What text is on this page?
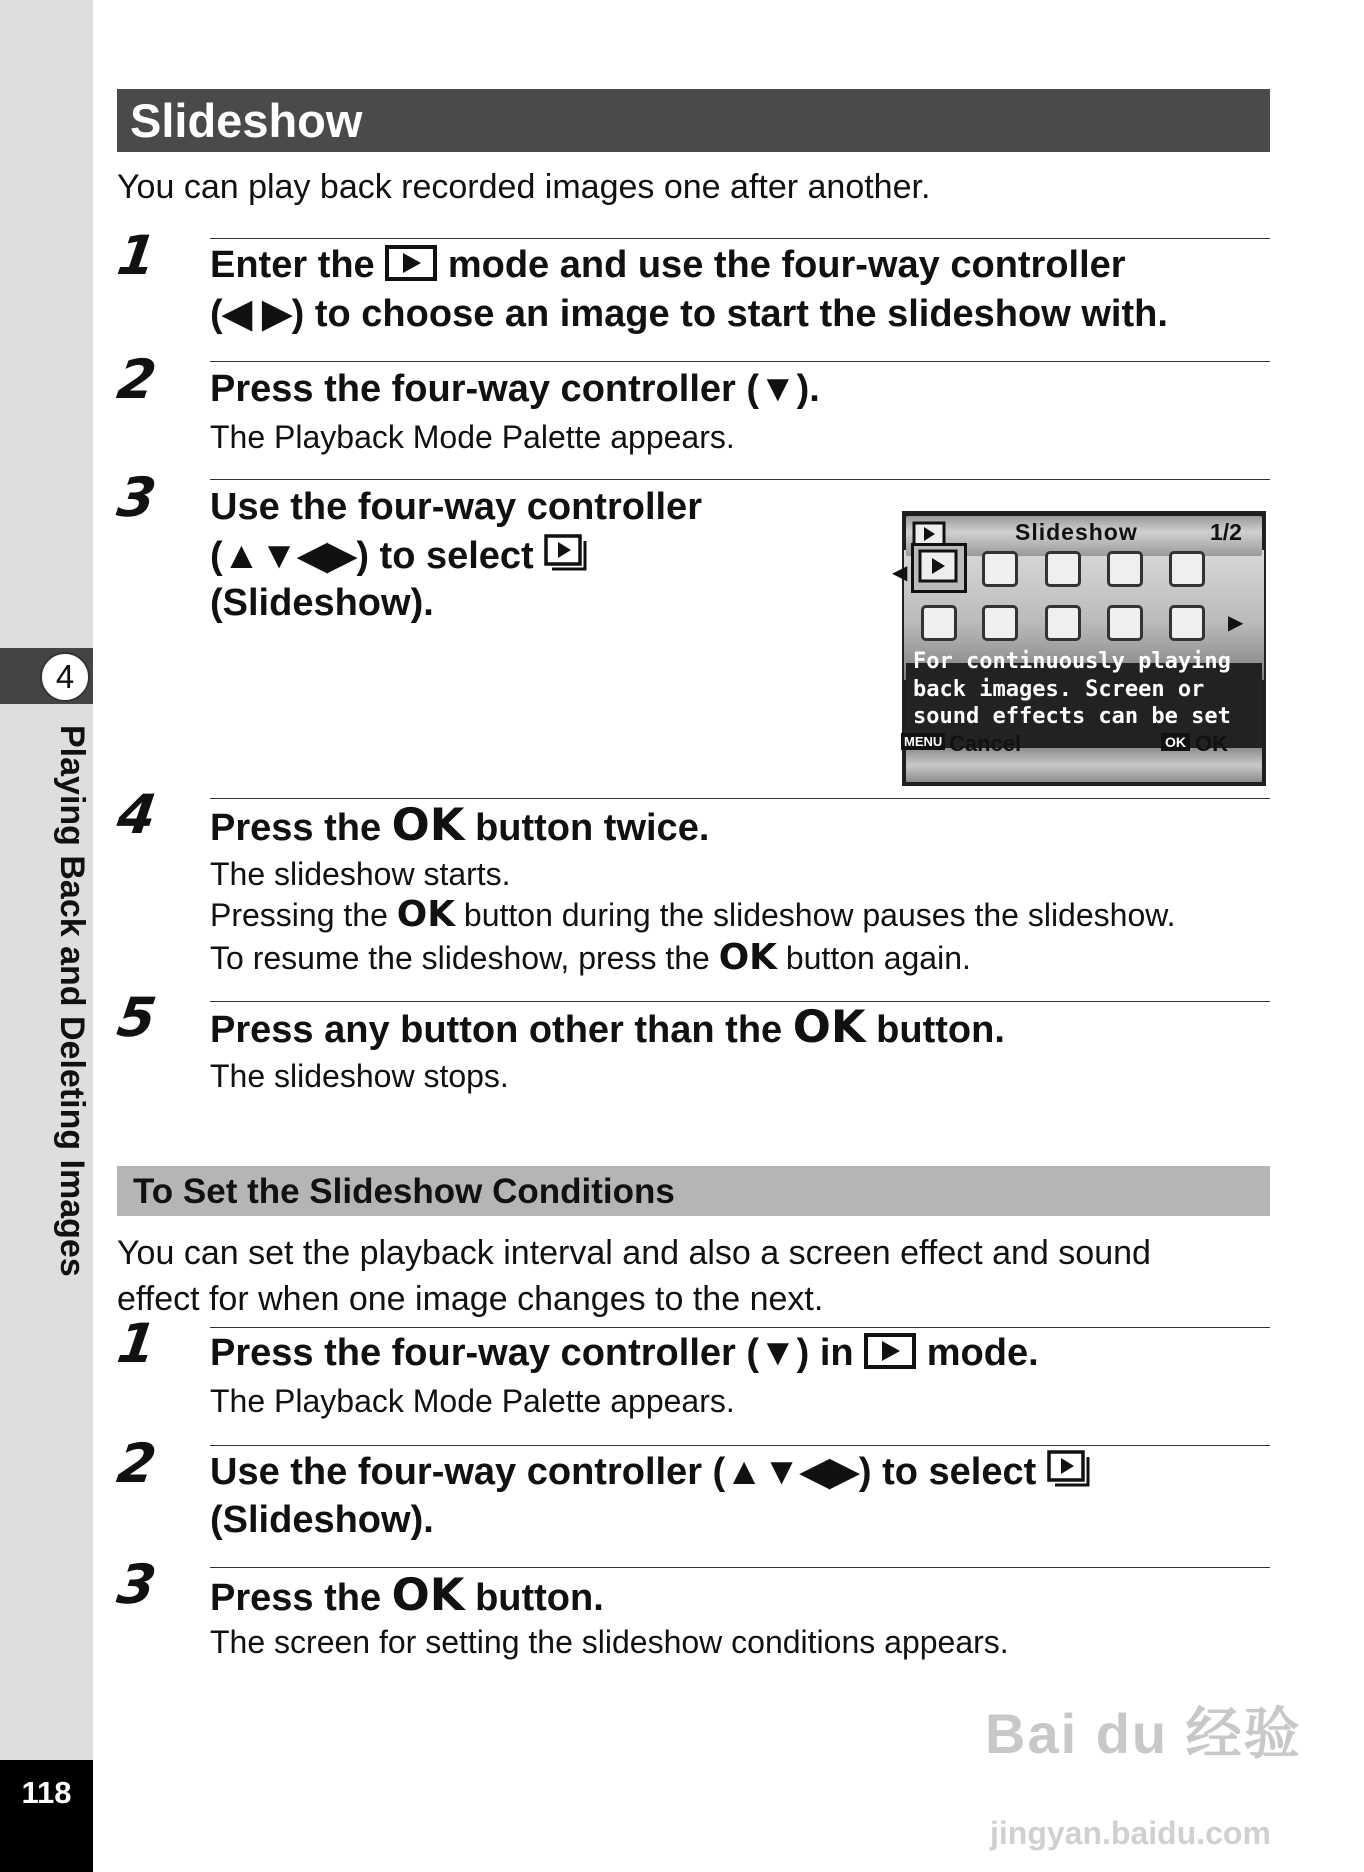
4
Playing Back and Deleting Images
118
Slideshow
You can play back recorded images one after another.
1 Enter the mode and use the four-way controller
(◀ ▶) to choose an image to start the slideshow with.
2 Press the four-way controller (▼).
The Playback Mode Palette appears.
3 Use the four-way controller
(▲▼◀▶) to select
(Slideshow).
Slideshow	1/2
◀
▶
For continuously playing
back images. Screen or
sound effects can be set
MENU Cancel	OK OK
4 Press the OK button twice.
The slideshow starts.
Pressing the OK button during the slideshow pauses the slideshow.
To resume the slideshow, press the OK button again.
5 Press any button other than the OK button.
The slideshow stops.
To Set the Slideshow Conditions
You can set the playback interval and also a screen effect and sound
effect for when one image changes to the next.
1 Press the four-way controller (▼) in mode.
The Playback Mode Palette appears.
2 Use the four-way controller (▲▼◀▶) to select
(Slideshow).
3 Press the OK button.
The screen for setting the slideshow conditions appears.
Bai du 经验
jingyan.baidu.com
